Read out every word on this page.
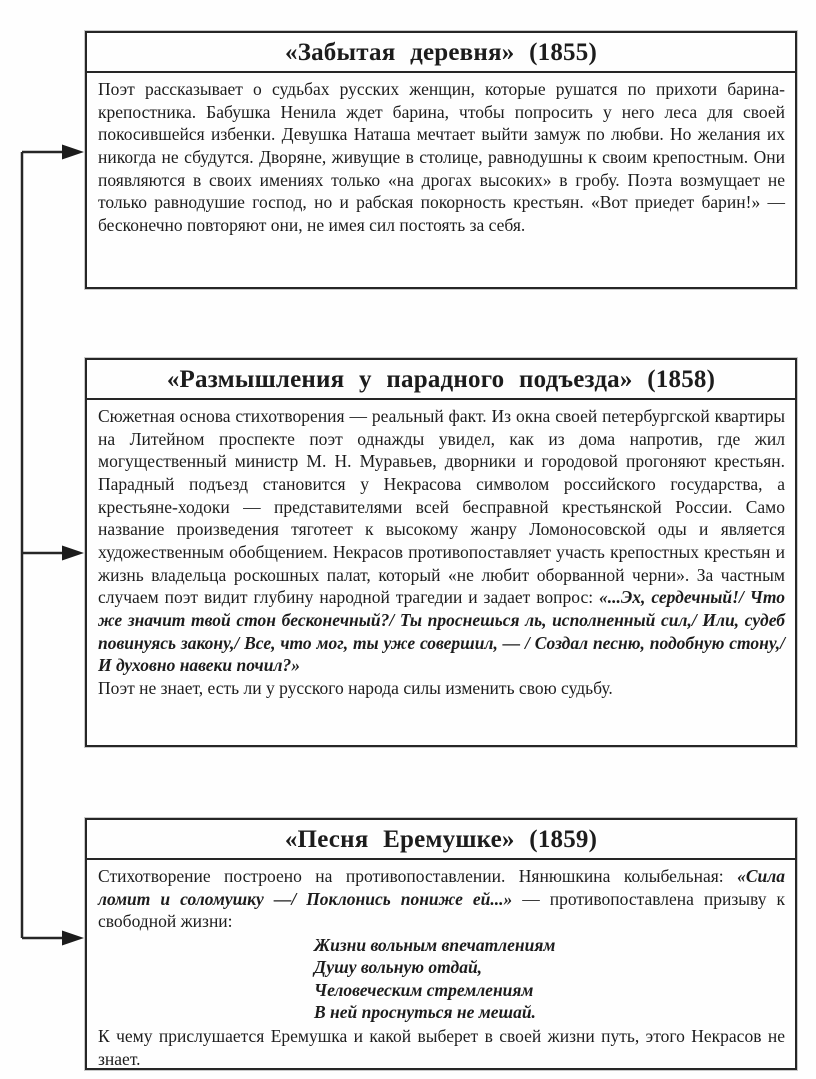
«Забытая деревня» (1855)

Поэт рассказывает о судьбах русских женщин, которые рушатся по прихоти барина-крепостника. Бабушка Ненила ждет барина, чтобы попросить у него леса для своей покосившейся избенки. Девушка Наташа мечтает выйти замуж по любви. Но желания их никогда не сбудутся. Дворяне, живущие в столице, равнодушны к своим крепостным. Они появляются в своих имениях только «на дрогах высоких» в гробу. Поэта возмущает не только равнодушие господ, но и рабская покорность крестьян. «Вот приедет барин!» — бесконечно повторяют они, не имея сил постоять за себя.

«Размышления у парадного подъезда» (1858)

Сюжетная основа стихотворения — реальный факт. Из окна своей петербургской квартиры на Литейном проспекте поэт однажды увидел, как из дома напротив, где жил могущественный министр М. Н. Муравьев, дворники и городовой прогоняют крестьян. Парадный подъезд становится у Некрасова символом российского государства, а крестьяне-ходоки — представителями всей бесправной крестьянской России. Само название произведения тяготеет к высокому жанру Ломоносовской оды и является художественным обобщением. Некрасов противопоставляет участь крепостных крестьян и жизнь владельца роскошных палат, который «не любит оборванной черни». За частным случаем поэт видит глубину народной трагедии и задает вопрос: «...Эх, сердечный!/ Что же значит твой стон бесконечный?/ Ты проснешься ль, исполненный сил,/ Или, судеб повинуясь закону,/ Все, что мог, ты уже совершил, — / Создал песню, подобную стону,/ И духовно навеки почил?»

Поэт не знает, есть ли у русского народа силы изменить свою судьбу.

«Песня Еремушке» (1859)

Стихотворение построено на противопоставлении. Нянюшкина колыбельная: «Сила ломит и соломушку —/ Поклонись пониже ей...» — противопоставлена призыву к свободной жизни:

Жизни вольным впечатлениям
Душу вольную отдай,
Человеческим стремлениям
В ней проснуться не мешай.

К чему прислушается Еремушка и какой выберет в своей жизни путь, этого Некрасов не знает.
